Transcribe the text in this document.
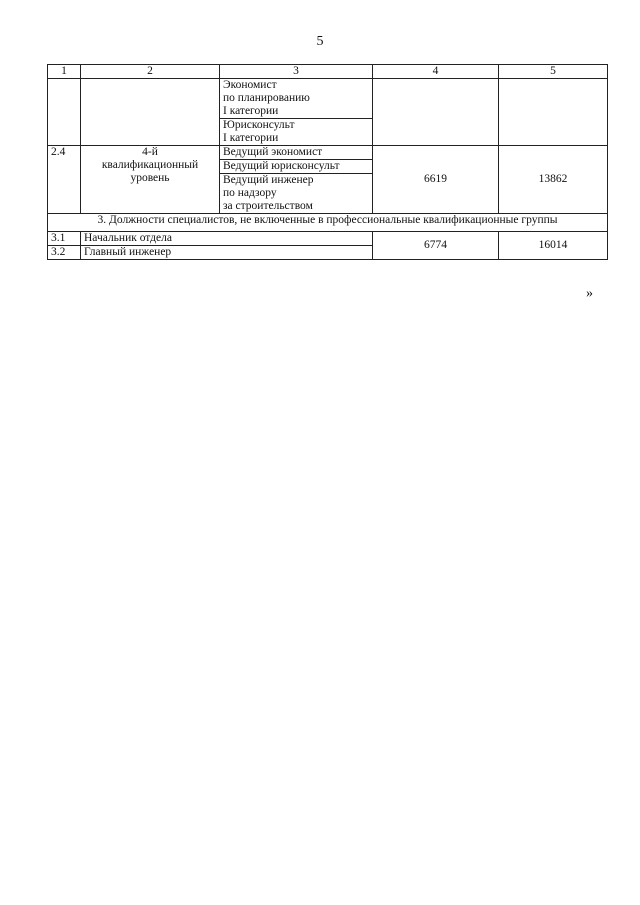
5
1	2	3	4	5
		Экономист
по планированию
I категории		
		Юрисконсульт
I категории		
2.4	4-й
квалификационный
уровень	Ведущий экономист	6619	13862
		Ведущий юрисконсульт		
		Ведущий инженер
по надзору
за строительством		
3. Должности специалистов, не включенные в профессиональные квалификационные группы				
3.1	Начальник отдела		6774	16014
3.2	Главный инженер			
»
